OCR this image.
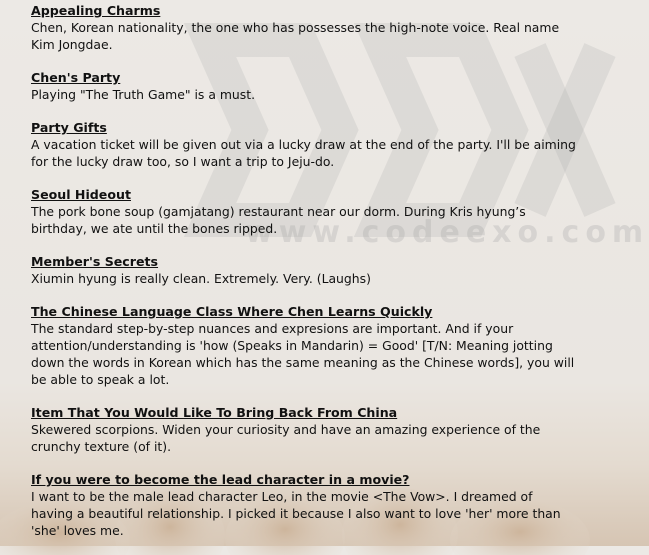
www.codeexo.com
Appealing Charms

Chen, Korean nationality, the one who has possesses the high-note voice. Real name Kim Jongdae.

Chen's Party

Playing "The Truth Game" is a must.

Party Gifts

A vacation ticket will be given out via a lucky draw at the end of the party. I'll be aiming for the lucky draw too, so I want a trip to Jeju-do.

Seoul Hideout

The pork bone soup (gamjatang) restaurant near our dorm. During Kris hyung’s birthday, we ate until the bones ripped.

Member's Secrets

Xiumin hyung is really clean. Extremely. Very. (Laughs)

The Chinese Language Class Where Chen Learns Quickly

The standard step-by-step nuances and expresions are important. And if your attention/understanding is 'how (Speaks in Mandarin) = Good' [T/N: Meaning jotting down the words in Korean which has the same meaning as the Chinese words], you will be able to speak a lot.

Item That You Would Like To Bring Back From China

Skewered scorpions. Widen your curiosity and have an amazing experience of the crunchy texture (of it).

If you were to become the lead character in a movie?

I want to be the male lead character Leo, in the movie <The Vow>. I dreamed of having a beautiful relationship. I picked it because I also want to love 'her' more than 'she' loves me.
